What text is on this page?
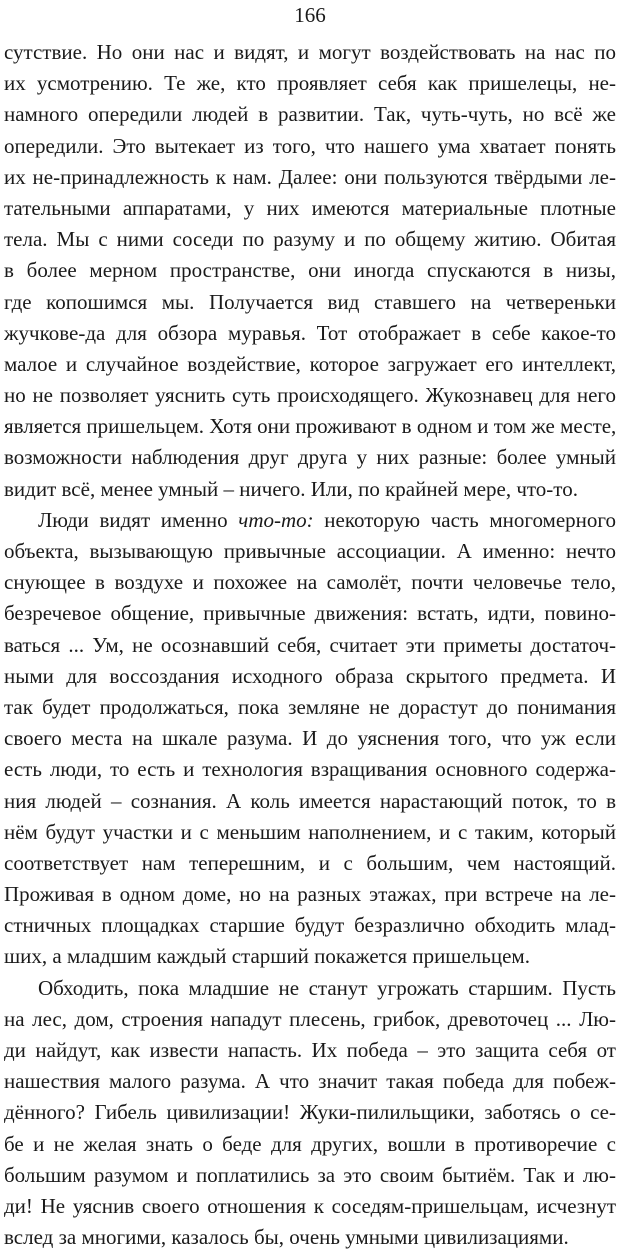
166
сутствие. Но они нас и видят, и могут воздействовать на нас по
их усмотрению. Те же, кто проявляет себя как пришелецы, не-
намного опередили людей в развитии. Так, чуть-чуть, но всё же
опередили. Это вытекает из того, что нашего ума хватает понять
их не-принадлежность к нам. Далее: они пользуются твёрдыми ле-
тательными аппаратами, у них имеются материальные плотные
тела. Мы с ними соседи по разуму и по общему житию. Обитая
в более мерном пространстве, они иногда спускаются в низы,
где копошимся мы. Получается вид ставшего на четвереньки
жучкове-да для обзора муравья. Тот отображает в себе какое-то
малое и случайное воздействие, которое загружает его интеллект,
но не позволяет уяснить суть происходящего. Жукознавец для него
является пришельцем. Хотя они проживают в одном и том же месте,
возможности наблюдения друг друга у них разные: более умный
видит всё, менее умный – ничего. Или, по крайней мере, что-то.
Люди видят именно что-то: некоторую часть многомерного
объекта, вызывающую привычные ассоциации. А именно: нечто
снующее в воздухе и похожее на самолёт, почти человечье тело,
безречевое общение, привычные движения: встать, идти, повино-
ваться ... Ум, не осознавший себя, считает эти приметы достаточ-
ными для воссоздания исходного образа скрытого предмета. И
так будет продолжаться, пока земляне не дорастут до понимания
своего места на шкале разума. И до уяснения того, что уж если
есть люди, то есть и технология взращивания основного содержа-
ния людей – сознания. А коль имеется нарастающий поток, то в
нём будут участки и с меньшим наполнением, и с таким, который
соответствует нам теперешним, и с большим, чем настоящий.
Проживая в одном доме, но на разных этажах, при встрече на ле-
стничных площадках старшие будут безразлично обходить млад-
ших, а младшим каждый старший покажется пришельцем.
Обходить, пока младшие не станут угрожать старшим. Пусть
на лес, дом, строения нападут плесень, грибок, древоточец ... Лю-
ди найдут, как извести напасть. Их победа – это защита себя от
нашествия малого разума. А что значит такая победа для побеж-
дённого? Гибель цивилизации! Жуки-пилильщики, заботясь о се-
бе и не желая знать о беде для других, вошли в противоречие с
большим разумом и поплатились за это своим бытиём. Так и лю-
ди! Не уяснив своего отношения к соседям-пришельцам, исчезнут
вслед за многими, казалось бы, очень умными цивилизациями.
